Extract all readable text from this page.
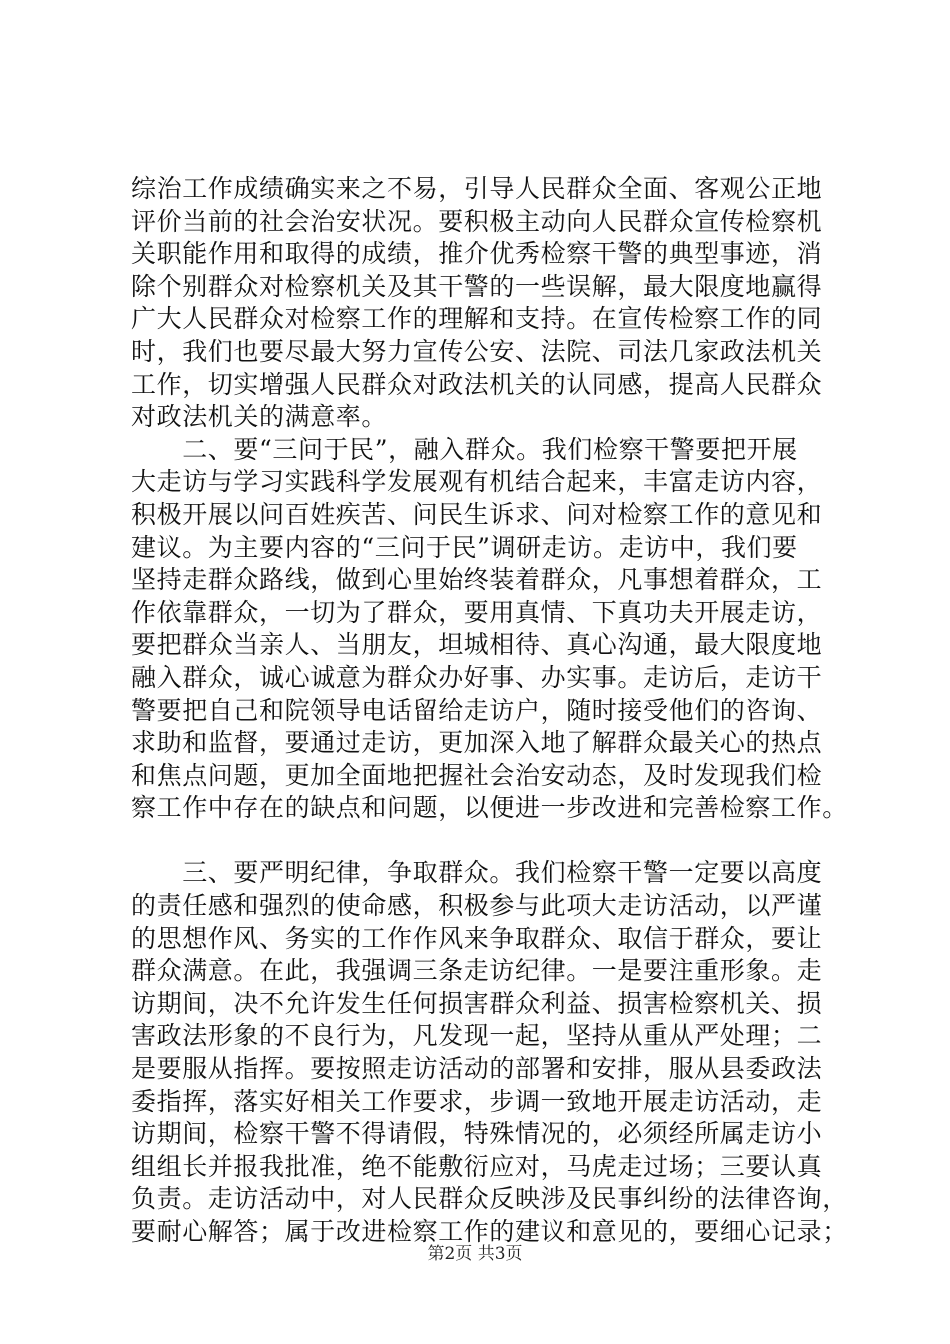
综治工作成绩确实来之不易，引导人民群众全面、客观公正地
评价当前的社会治安状况。要积极主动向人民群众宣传检察机
关职能作用和取得的成绩，推介优秀检察干警的典型事迹，消
除个别群众对检察机关及其干警的一些误解，最大限度地赢得
广大人民群众对检察工作的理解和支持。在宣传检察工作的同
时，我们也要尽最大努力宣传公安、法院、司法几家政法机关
工作，切实增强人民群众对政法机关的认同感，提高人民群众
对政法机关的满意率。
　　二、要“三问于民”，融入群众。我们检察干警要把开展
大走访与学习实践科学发展观有机结合起来，丰富走访内容，
积极开展以问百姓疾苦、问民生诉求、问对检察工作的意见和
建议。为主要内容的“三问于民”调研走访。走访中，我们要
坚持走群众路线，做到心里始终装着群众，凡事想着群众，工
作依靠群众，一切为了群众，要用真情、下真功夫开展走访，
要把群众当亲人、当朋友，坦城相待、真心沟通，最大限度地
融入群众，诚心诚意为群众办好事、办实事。走访后，走访干
警要把自己和院领导电话留给走访户，随时接受他们的咨询、
求助和监督，要通过走访，更加深入地了解群众最关心的热点
和焦点问题，更加全面地把握社会治安动态，及时发现我们检
察工作中存在的缺点和问题，以便进一步改进和完善检察工作。
　　三、要严明纪律，争取群众。我们检察干警一定要以高度
的责任感和强烈的使命感，积极参与此项大走访活动，以严谨
的思想作风、务实的工作作风来争取群众、取信于群众，要让
群众满意。在此，我强调三条走访纪律。一是要注重形象。走
访期间，决不允许发生任何损害群众利益、损害检察机关、损
害政法形象的不良行为，凡发现一起，坚持从重从严处理；二
是要服从指挥。要按照走访活动的部署和安排，服从县委政法
委指挥，落实好相关工作要求，步调一致地开展走访活动，走
访期间，检察干警不得请假，特殊情况的，必须经所属走访小
组组长并报我批准，绝不能敷衍应对，马虎走过场；三要认真
负责。走访活动中，对人民群众反映涉及民事纠纷的法律咨询，
要耐心解答；属于改进检察工作的建议和意见的，要细心记录；
第2页 共3页
